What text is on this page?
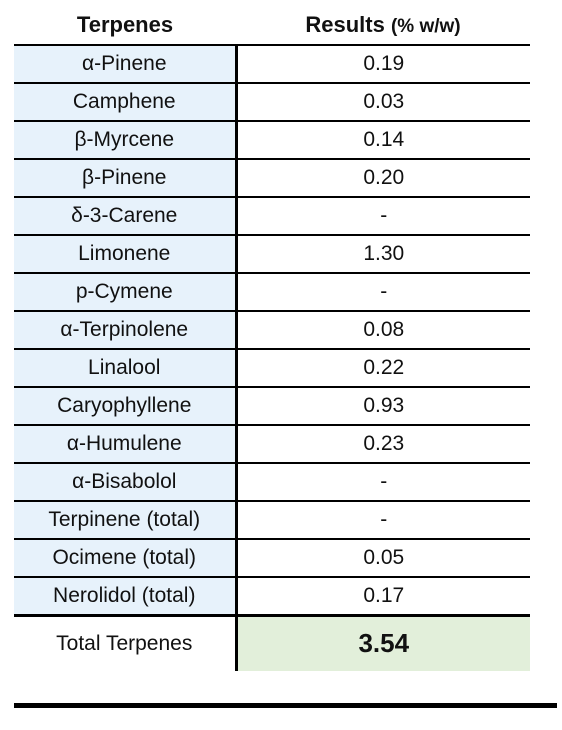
Terpenes	Results (% w/w)
α-Pinene	0.19
Camphene	0.03
β-Myrcene	0.14
β-Pinene	0.20
δ-3-Carene	-
Limonene	1.30
p-Cymene	-
α-Terpinolene	0.08
Linalool	0.22
Caryophyllene	0.93
α-Humulene	0.23
α-Bisabolol	-
Terpinene (total)	-
Ocimene (total)	0.05
Nerolidol (total)	0.17
Total Terpenes	3.54
